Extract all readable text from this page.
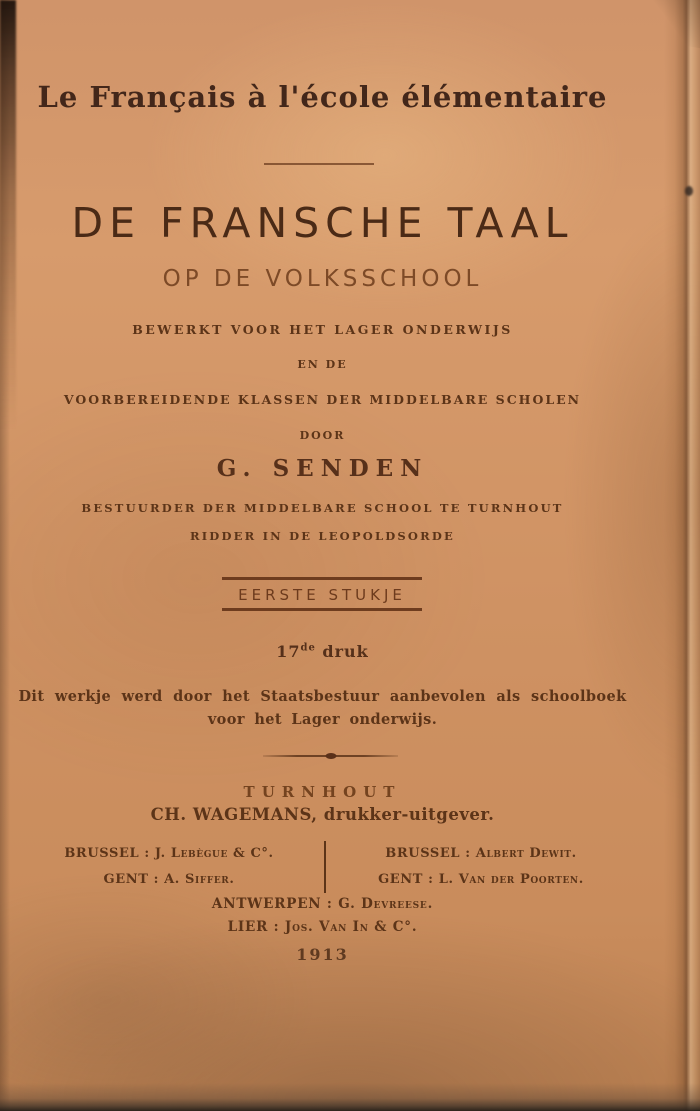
Le Français à l'école élémentaire
DE FRANSCHE TAAL
OP DE VOLKSSCHOOL
BEWERKT VOOR HET LAGER ONDERWIJS
EN DE
VOORBEREIDENDE KLASSEN DER MIDDELBARE SCHOLEN
DOOR
G. SENDEN
BESTUURDER DER MIDDELBARE SCHOOL TE TURNHOUT
RIDDER IN DE LEOPOLDSORDE
EERSTE STUKJE
17de druk
Dit werkje werd door het Staatsbestuur aanbevolen als schoolboek
voor het Lager onderwijs.
TURNHOUT
CH. WAGEMANS, drukker-uitgever.
BRUSSEL : J. Lebègue & C°.
GENT : A. Siffer.
BRUSSEL : Albert Dewit.
GENT : L. Van der Poorten.
ANTWERPEN : G. Devreese.
LIER : Jos. Van In & C°.
1913
